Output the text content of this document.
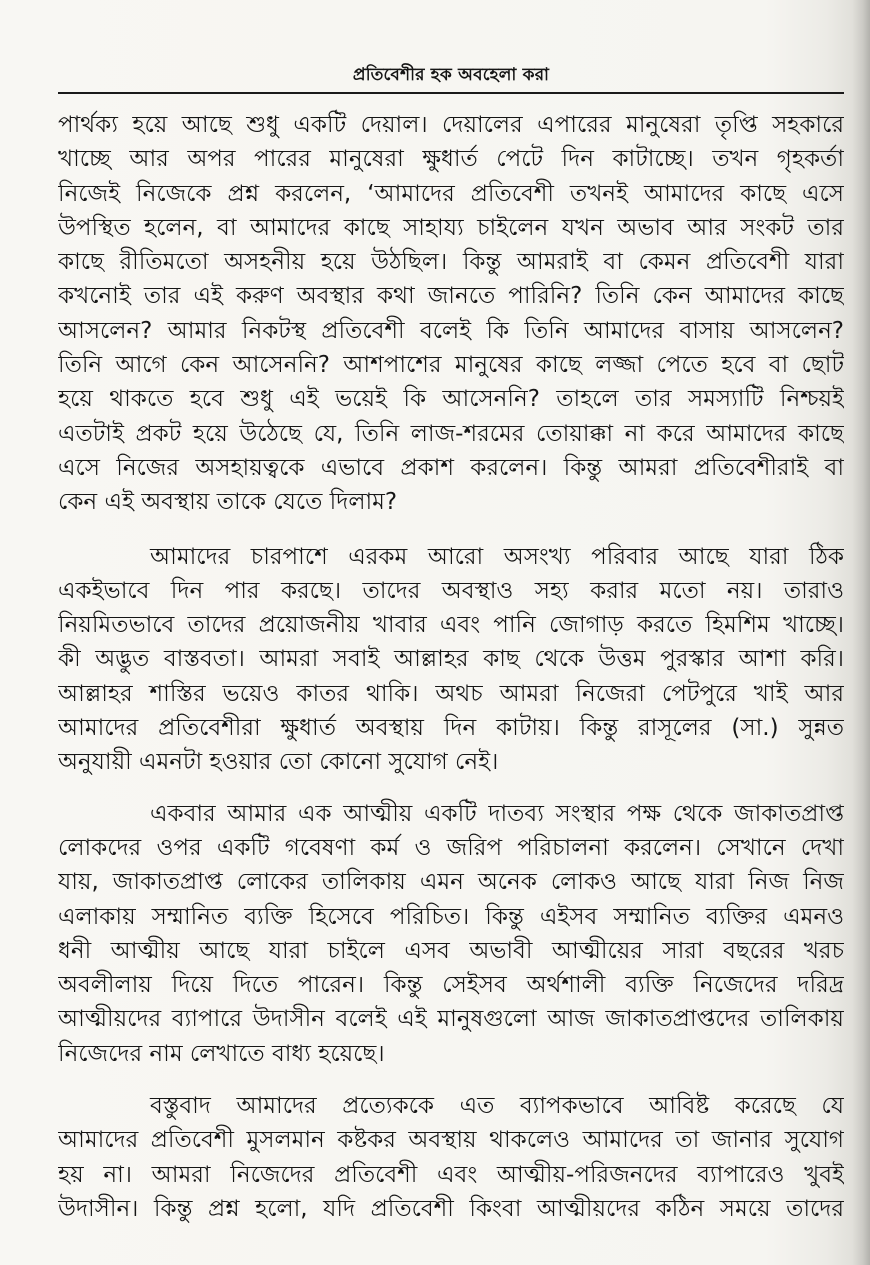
প্রতিবেশীর হক অবহেলা করা
পার্থক্য হয়ে আছে শুধু একটি দেয়াল। দেয়ালের এপারের মানুষেরা তৃপ্তি সহকারে
খাচ্ছে আর অপর পারের মানুষেরা ক্ষুধার্ত পেটে দিন কাটাচ্ছে। তখন গৃহকর্তা
নিজেই নিজেকে প্রশ্ন করলেন, ‘আমাদের প্রতিবেশী তখনই আমাদের কাছে এসে
উপস্থিত হলেন, বা আমাদের কাছে সাহায্য চাইলেন যখন অভাব আর সংকট তার
কাছে রীতিমতো অসহনীয় হয়ে উঠছিল। কিন্তু আমরাই বা কেমন প্রতিবেশী যারা
কখনোই তার এই করুণ অবস্থার কথা জানতে পারিনি? তিনি কেন আমাদের কাছে
আসলেন? আমার নিকটস্থ প্রতিবেশী বলেই কি তিনি আমাদের বাসায় আসলেন?
তিনি আগে কেন আসেননি? আশপাশের মানুষের কাছে লজ্জা পেতে হবে বা ছোট
হয়ে থাকতে হবে শুধু এই ভয়েই কি আসেননি? তাহলে তার সমস্যাটি নিশ্চয়ই
এতটাই প্রকট হয়ে উঠেছে যে, তিনি লাজ-শরমের তোয়াক্কা না করে আমাদের কাছে
এসে নিজের অসহায়ত্বকে এভাবে প্রকাশ করলেন। কিন্তু আমরা প্রতিবেশীরাই বা
কেন এই অবস্থায় তাকে যেতে দিলাম?
আমাদের চারপাশে এরকম আরো অসংখ্য পরিবার আছে যারা ঠিক
একইভাবে দিন পার করছে। তাদের অবস্থাও সহ্য করার মতো নয়। তারাও
নিয়মিতভাবে তাদের প্রয়োজনীয় খাবার এবং পানি জোগাড় করতে হিমশিম খাচ্ছে।
কী অদ্ভুত বাস্তবতা। আমরা সবাই আল্লাহর কাছ থেকে উত্তম পুরস্কার আশা করি।
আল্লাহর শাস্তির ভয়েও কাতর থাকি। অথচ আমরা নিজেরা পেটপুরে খাই আর
আমাদের প্রতিবেশীরা ক্ষুধার্ত অবস্থায় দিন কাটায়। কিন্তু রাসূলের (সা.) সুন্নত
অনুযায়ী এমনটা হওয়ার তো কোনো সুযোগ নেই।
একবার আমার এক আত্মীয় একটি দাতব্য সংস্থার পক্ষ থেকে জাকাতপ্রাপ্ত
লোকদের ওপর একটি গবেষণা কর্ম ও জরিপ পরিচালনা করলেন। সেখানে দেখা
যায়, জাকাতপ্রাপ্ত লোকের তালিকায় এমন অনেক লোকও আছে যারা নিজ নিজ
এলাকায় সম্মানিত ব্যক্তি হিসেবে পরিচিত। কিন্তু এইসব সম্মানিত ব্যক্তির এমনও
ধনী আত্মীয় আছে যারা চাইলে এসব অভাবী আত্মীয়ের সারা বছরের খরচ
অবলীলায় দিয়ে দিতে পারেন। কিন্তু সেইসব অর্থশালী ব্যক্তি নিজেদের দরিদ্র
আত্মীয়দের ব্যাপারে উদাসীন বলেই এই মানুষগুলো আজ জাকাতপ্রাপ্তদের তালিকায়
নিজেদের নাম লেখাতে বাধ্য হয়েছে।
বস্তুবাদ আমাদের প্রত্যেককে এত ব্যাপকভাবে আবিষ্ট করেছে যে
আমাদের প্রতিবেশী মুসলমান কষ্টকর অবস্থায় থাকলেও আমাদের তা জানার সুযোগ
হয় না। আমরা নিজেদের প্রতিবেশী এবং আত্মীয়-পরিজনদের ব্যাপারেও খুবই
উদাসীন। কিন্তু প্রশ্ন হলো, যদি প্রতিবেশী কিংবা আত্মীয়দের কঠিন সময়ে তাদের
